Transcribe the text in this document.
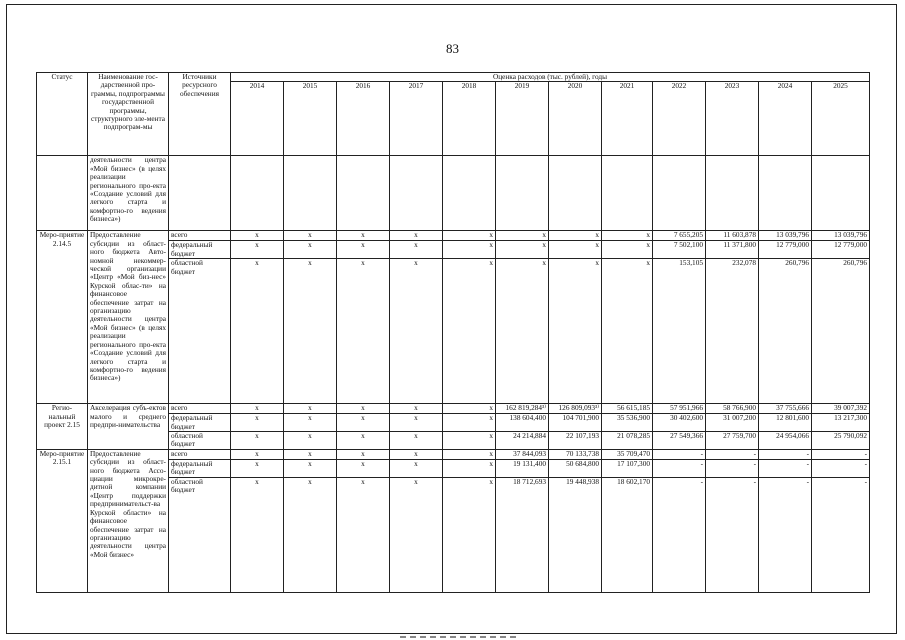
83
Статус	Наименование гос-дарственной про-граммы, подпрограммы государственной программы, структурного эле-мента подпрограм-мы	Источники ресурсного обеспечения	Оценка расходов (тыс. рублей), годы											
			2014	2015	2016	2017	2018	2019	2020	2021	2022	2023	2024	2025
	деятельности центра «Мой бизнес» (в целях реализации регионального про-екта «Создание условий для легкого старта и комфортно-го ведения бизнеса»)													
Меро-приятие 2.14.5	Предоставление субсидии из област-ного бюджета Авто-номной некоммер-ческой организации «Центр «Мой биз-нес» Курской облас-ти» на финансовое обеспечение затрат на организацию деятельности центра «Мой бизнес» (в целях реализации регионального про-екта «Создание условий для легкого старта и комфортно-го ведения бизнеса»)	всего	x	x	x	x	x	x	x	x	7 655,205	11 603,878	13 039,796	13 039,796
		федеральный бюджет	x	x	x	x	x	x	x	x	7 502,100	11 371,800	12 779,000	12 779,000
		областной бюджет	x	x	x	x	x	x	x	x	153,105	232,078	260,796	260,796
Регио-нальный проект 2.15	Акселерация субъ-ектов малого и среднего предпри-нимательства	всего	x	x	x	x	x	162 819,284³⁾	126 809,093³⁾	56 615,185	57 951,966	58 766,900	37 755,666	39 007,392
		федеральный бюджет	x	x	x	x	x	138 604,400	104 701,900	35 536,900	30 402,600	31 007,200	12 801,600	13 217,300
		областной бюджет	x	x	x	x	x	24 214,884	22 107,193	21 078,285	27 549,366	27 759,700	24 954,066	25 790,092
Меро-приятие 2.15.1	Предоставление субсидии из област-ного бюджета Ассо-циации микрокре-дитной компании «Центр поддержки предпринимательст-ва Курской области» на финансовое обеспечение затрат на организацию деятельности центра «Мой бизнес»	всего	x	x	x	x	x	37 844,093	70 133,738	35 709,470	-	-	-	-
		федеральный бюджет	x	x	x	x	x	19 131,400	50 684,800	17 107,300	-	-	-	-
		областной бюджет	x	x	x	x	x	18 712,693	19 448,938	18 602,170	-	-	-	-
